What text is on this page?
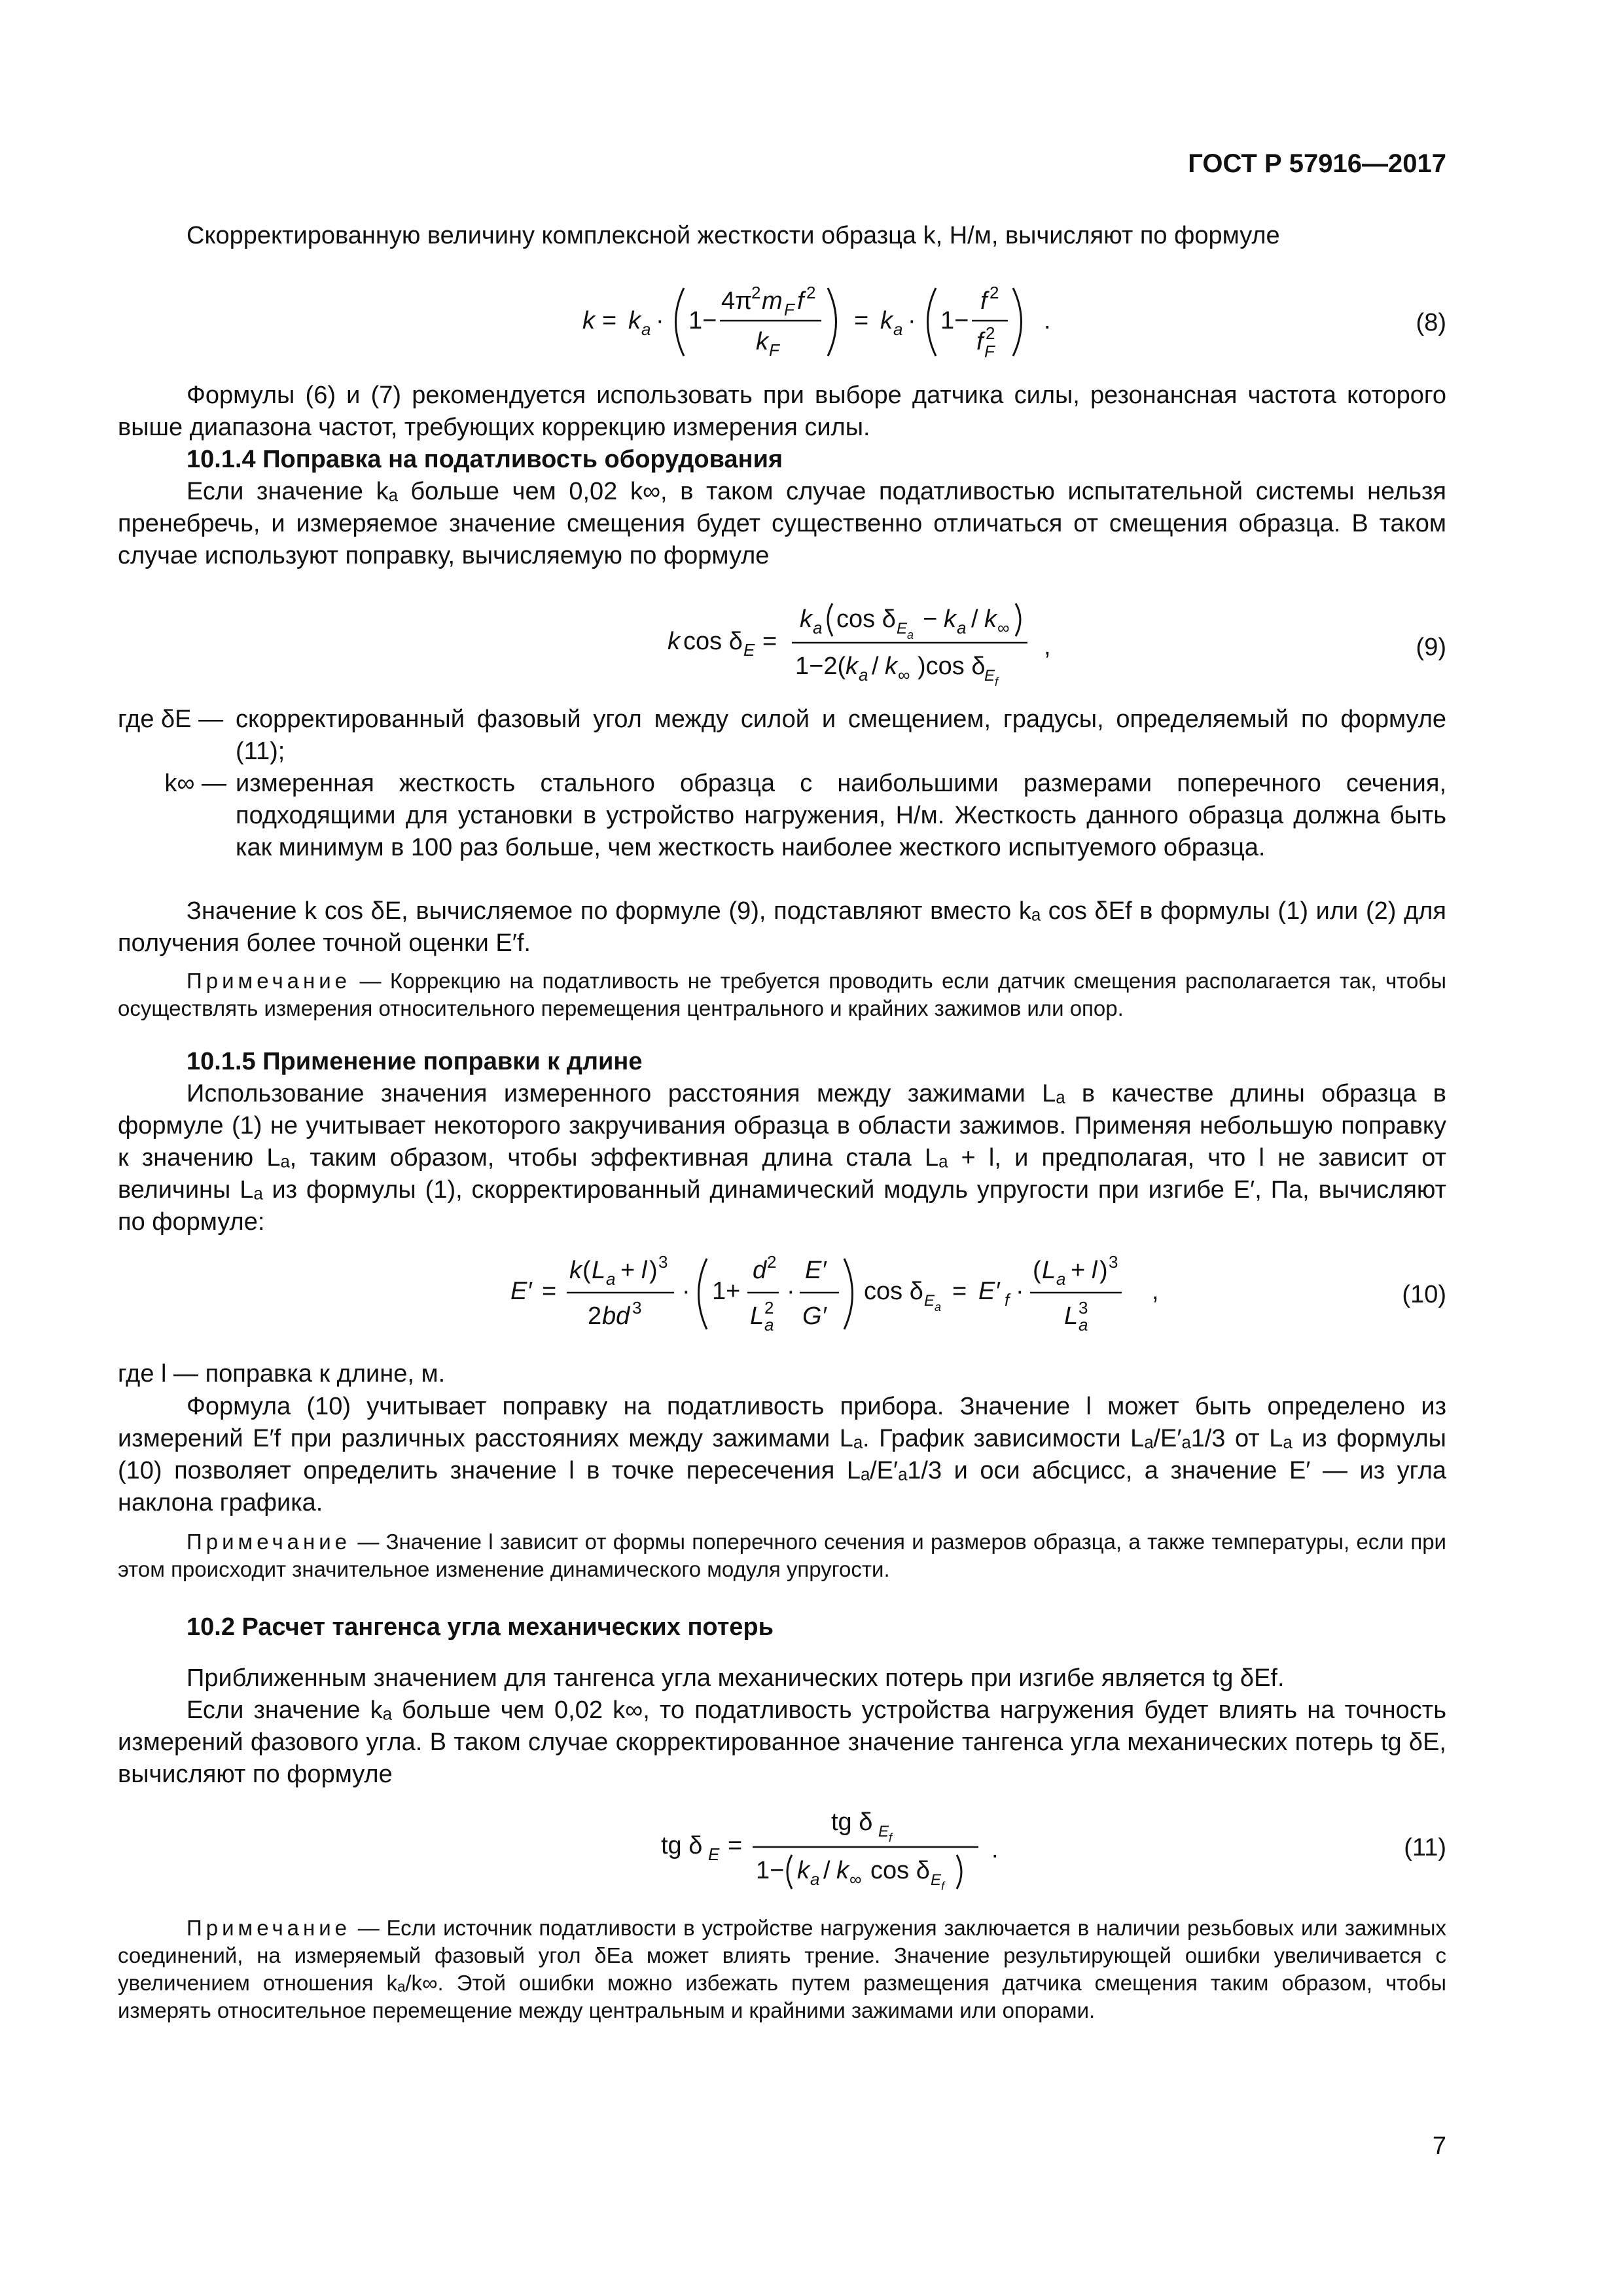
ГОСТ Р 57916—2017

Скорректированную величину комплексной жесткости образца k, Н/м, вычисляют по формуле

k = k a · 1−
4π
2 m F f 2
k F
= k a · 1−
f 2
f 2
F
.	(8)

Формулы (6) и (7) рекомендуется использовать при выборе датчика силы, резонансная частота которого выше диапазона частот, требующих коррекцию измерения силы.

10.1.4 Поправка на податливость оборудования

Если значение kₐ больше чем 0,02 k∞, в таком случае податливостью испытательной системы нельзя пренебречь, и измеряемое значение смещения будет существенно отличаться от смещения образца. В таком случае используют поправку, вычисляемую по формуле

k cos δ E =
k a cos δ E a
− k a / k ∞
1−2( k a / k ∞ )cos δ
E f
,	(9)

где δE — скорректированный фазовый угол между силой и смещением, градусы, определяемый по формуле (11);
k∞ — измеренная жесткость стального образца с наибольшими размерами поперечного сечения, подходящими для установки в устройство нагружения, Н/м. Жесткость данного образца должна быть как минимум в 100 раз больше, чем жесткость наиболее жесткого испытуемого образца.

Значение k cos δE, вычисляемое по формуле (9), подставляют вместо kₐ cos δEf в формулы (1) или (2) для получения более точной оценки E′f.

Примечание — Коррекцию на податливость не требуется проводить если датчик смещения располагается так, чтобы осуществлять измерения относительного перемещения центрального и крайних зажимов или опор.

10.1.5 Применение поправки к длине

Использование значения измеренного расстояния между зажимами Lₐ в качестве длины образца в формуле (1) не учитывает некоторого закручивания образца в области зажимов. Применяя небольшую поправку к значению Lₐ, таким образом, чтобы эффективная длина стала Lₐ + l, и предполагая, что l не зависит от величины Lₐ из формулы (1), скорректированный динамический модуль упругости при изгибе E′, Па, вычисляют по формуле:

E′ =
k ( L a + l ) 3
2 bd 3
· 1+
d 2
L 2
a
·
E′
G′
cos δ E a
= E′ f ·
( L a + l ) 3
L 3
a
,	(10)

где l — поправка к длине, м.

Формула (10) учитывает поправку на податливость прибора. Значение l может быть определено из измерений E′f при различных расстояниях между зажимами Lₐ. График зависимости Lₐ/E′ₐ1/3 от Lₐ из формулы (10) позволяет определить значение l в точке пересечения Lₐ/E′ₐ1/3 и оси абсцисс, а значение E′ — из угла наклона графика.

Примечание — Значение l зависит от формы поперечного сечения и размеров образца, а также температуры, если при этом происходит значительное изменение динамического модуля упругости.

10.2 Расчет тангенса угла механических потерь

Приближенным значением для тангенса угла механических потерь при изгибе является tg δEf.

Если значение kₐ больше чем 0,02 k∞, то податливость устройства нагружения будет влиять на точность измерений фазового угла. В таком случае скорректированное значение тангенса угла механических потерь tg δE, вычисляют по формуле

tg δ E =
tg δ E f
1− k a / k ∞ cos δ E f
.	(11)

Примечание — Если источник податливости в устройстве нагружения заключается в наличии резьбовых или зажимных соединений, на измеряемый фазовый угол δEa может влиять трение. Значение результирующей ошибки увеличивается с увеличением отношения kₐ/k∞. Этой ошибки можно избежать путем размещения датчика смещения таким образом, чтобы измерять относительное перемещение между центральным и крайними зажимами или опорами.

7
